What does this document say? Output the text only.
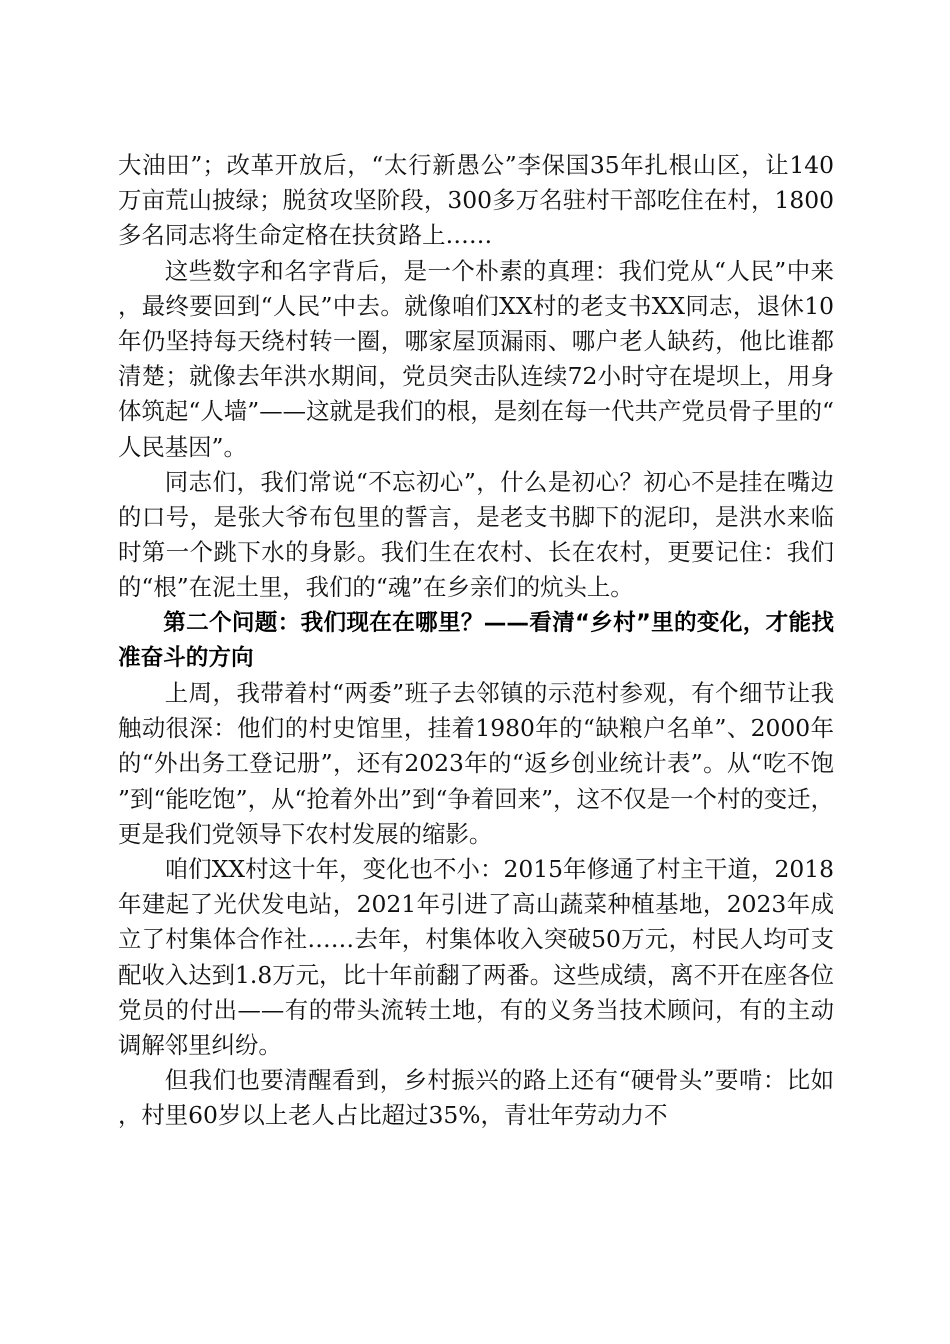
大油田”；改革开放后，“太行新愚公”李保国35年扎根山区，让140万亩荒山披绿；脱贫攻坚阶段，300多万名驻村干部吃住在村，1800多名同志将生命定格在扶贫路上……

这些数字和名字背后，是一个朴素的真理：我们党从“人民”中来，最终要回到“人民”中去。就像咱们XX村的老支书XX同志，退休10年仍坚持每天绕村转一圈，哪家屋顶漏雨、哪户老人缺药，他比谁都清楚；就像去年洪水期间，党员突击队连续72小时守在堤坝上，用身体筑起“人墙”——这就是我们的根，是刻在每一代共产党员骨子里的“人民基因”。

同志们，我们常说“不忘初心”，什么是初心？初心不是挂在嘴边的口号，是张大爷布包里的誓言，是老支书脚下的泥印，是洪水来临时第一个跳下水的身影。我们生在农村、长在农村，更要记住：我们的“根”在泥土里，我们的“魂”在乡亲们的炕头上。

第二个问题：我们现在在哪里？——看清“乡村”里的变化，才能找准奋斗的方向

上周，我带着村“两委”班子去邻镇的示范村参观，有个细节让我触动很深：他们的村史馆里，挂着1980年的“缺粮户名单”、2000年的“外出务工登记册”，还有2023年的“返乡创业统计表”。从“吃不饱”到“能吃饱”，从“抢着外出”到“争着回来”，这不仅是一个村的变迁，更是我们党领导下农村发展的缩影。

咱们XX村这十年，变化也不小：2015年修通了村主干道，2018年建起了光伏发电站，2021年引进了高山蔬菜种植基地，2023年成立了村集体合作社……去年，村集体收入突破50万元，村民人均可支配收入达到1.8万元，比十年前翻了两番。这些成绩，离不开在座各位党员的付出——有的带头流转土地，有的义务当技术顾问，有的主动调解邻里纠纷。

但我们也要清醒看到，乡村振兴的路上还有“硬骨头”要啃：比如，村里60岁以上老人占比超过35%，青壮年劳动力不
